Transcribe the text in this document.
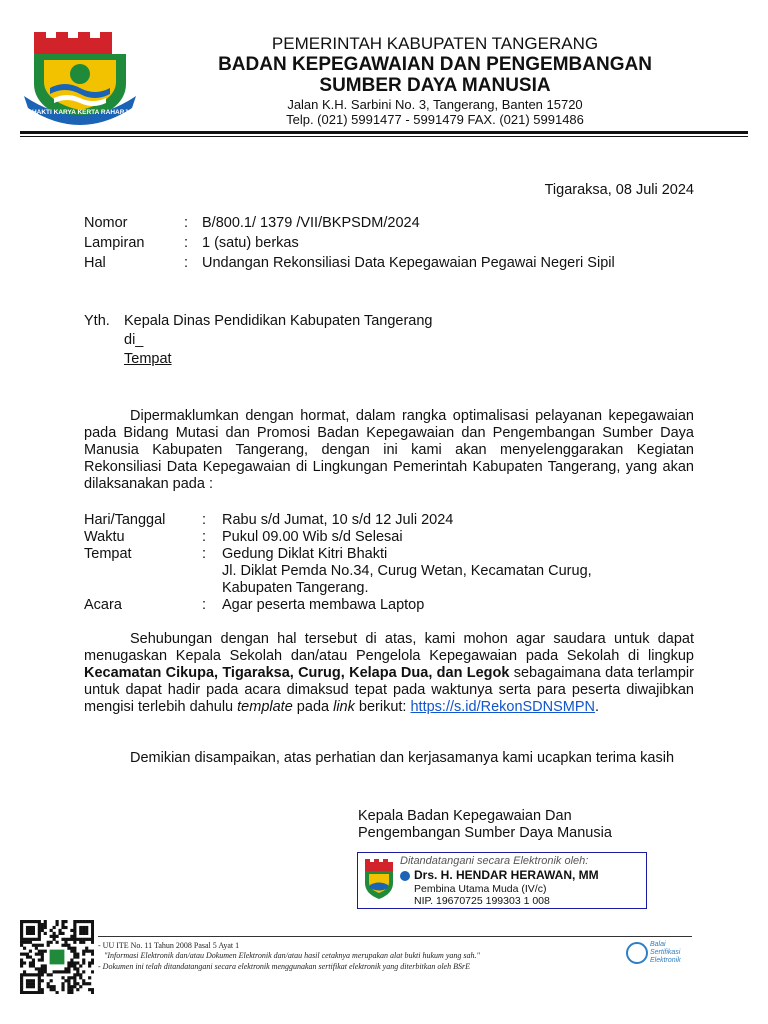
BHAKTI KARYA KERTA RAHARJA
PEMERINTAH KABUPATEN TANGERANG
BADAN KEPEGAWAIAN DAN PENGEMBANGAN
SUMBER DAYA MANUSIA
Jalan K.H. Sarbini No. 3, Tangerang, Banten 15720
Telp. (021) 5991477 - 5991479 FAX. (021) 5991486
Tigaraksa, 08 Juli 2024
Nomor	: B/800.1/ 1379 /VII/BKPSDM/2024
Lampiran	: 1 (satu) berkas
Hal	: Undangan Rekonsiliasi Data Kepegawaian Pegawai Negeri Sipil
Yth. Kepala Dinas Pendidikan Kabupaten Tangerang
di_
Tempat
Dipermaklumkan dengan hormat, dalam rangka optimalisasi pelayanan kepegawaian pada Bidang Mutasi dan Promosi Badan Kepegawaian dan Pengembangan Sumber Daya Manusia Kabupaten Tangerang, dengan ini kami akan menyelenggarakan Kegiatan Rekonsiliasi Data Kepegawaian di Lingkungan Pemerintah Kabupaten Tangerang, yang akan dilaksanakan pada :
Hari/Tanggal	: Rabu s/d Jumat, 10 s/d 12 Juli 2024
Waktu	: Pukul 09.00 Wib s/d Selesai
Tempat	: Gedung Diklat Kitri Bhakti
Jl. Diklat Pemda No.34, Curug Wetan, Kecamatan Curug,
Kabupaten Tangerang.
Acara	: Agar peserta membawa Laptop
Sehubungan dengan hal tersebut di atas, kami mohon agar saudara untuk dapat menugaskan Kepala Sekolah dan/atau Pengelola Kepegawaian pada Sekolah di lingkup Kecamatan Cikupa, Tigaraksa, Curug, Kelapa Dua, dan Legok sebagaimana data terlampir untuk dapat hadir pada acara dimaksud tepat pada waktunya serta para peserta diwajibkan mengisi terlebih dahulu template pada link berikut: https://s.id/RekonSDNSMPN.
Demikian disampaikan, atas perhatian dan kerjasamanya kami ucapkan terima kasih
Kepala Badan Kepegawaian Dan
Pengembangan Sumber Daya Manusia
Ditandatangani secara Elektronik oleh:
Drs. H. HENDAR HERAWAN, MM
Pembina Utama Muda (IV/c)
NIP. 19670725 199303 1 008
- UU ITE No. 11 Tahun 2008 Pasal 5 Ayat 1
"Informasi Elektronik dan/atau Dokumen Elektronik dan/atau hasil cetaknya merupakan alat bukti hukum yang sah."
- Dokumen ini telah ditandatangani secara elektronik menggunakan sertifikat elektronik yang diterbitkan oleh BSrE
Balai
Sertifikasi
Elektronik
